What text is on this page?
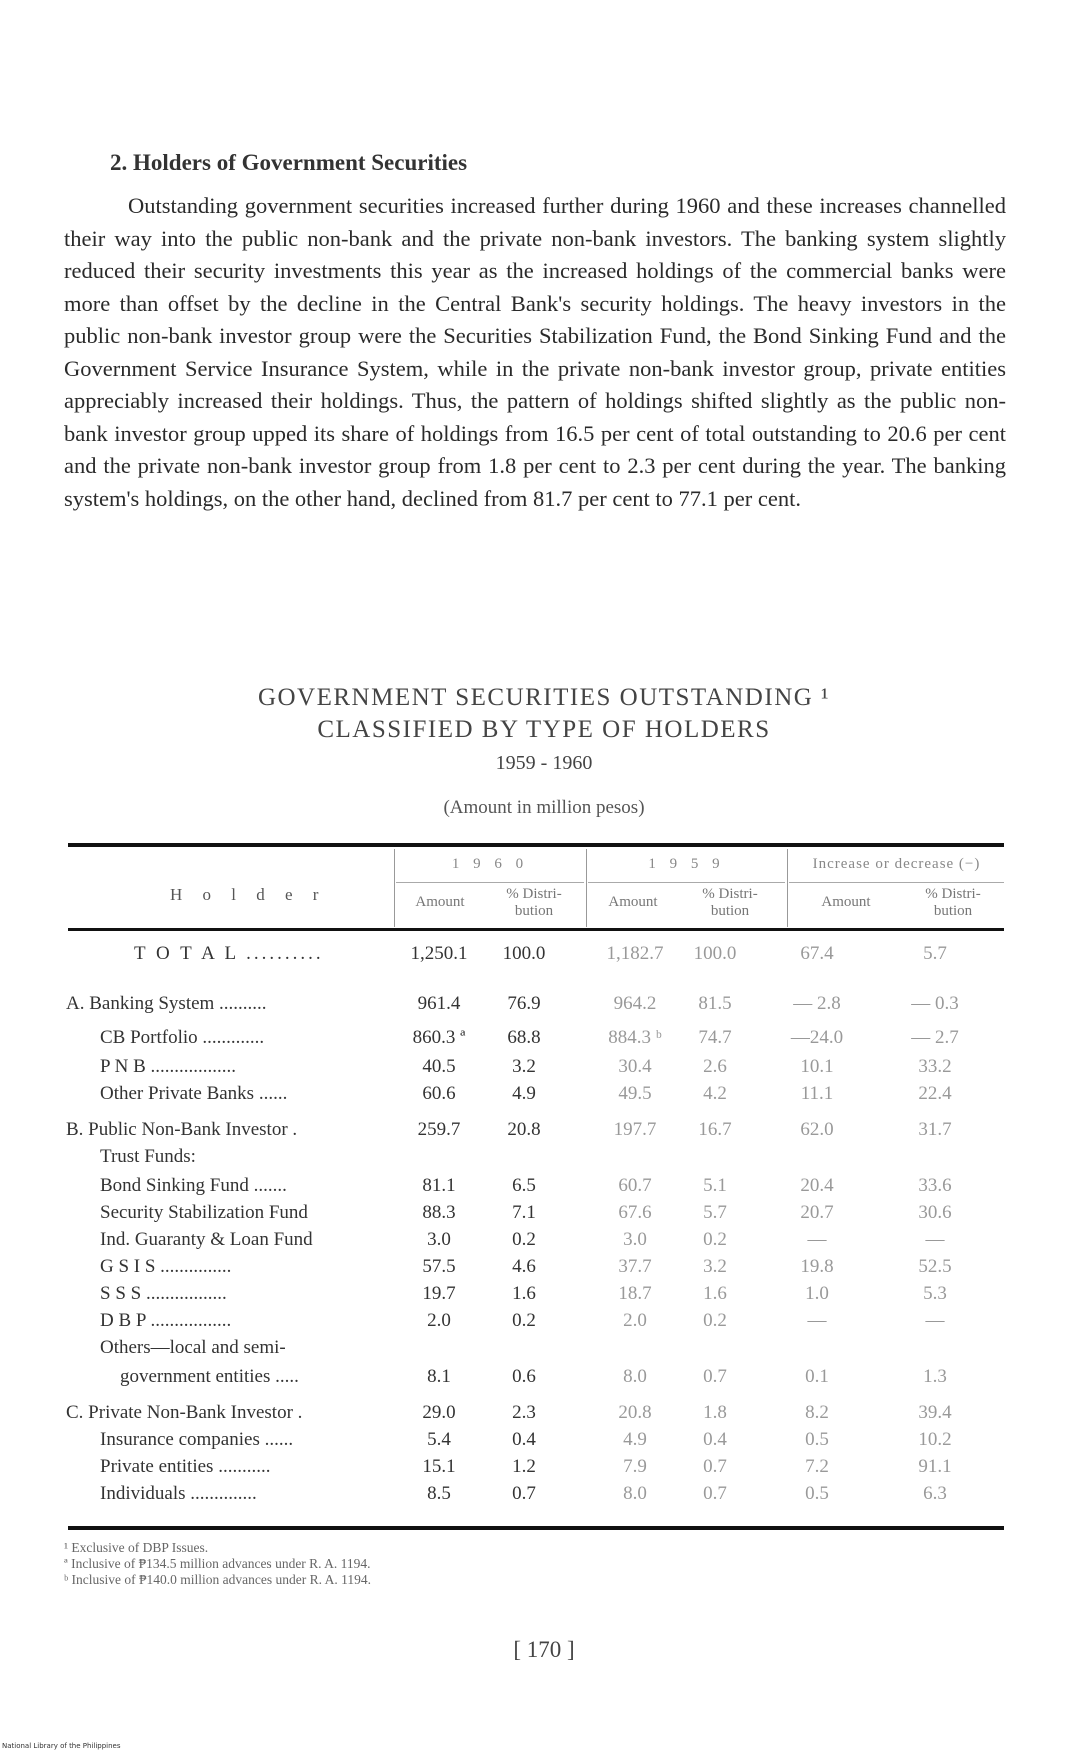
2. Holders of Government Securities
Outstanding government securities increased further during 1960 and these increases channelled their way into the public non-bank and the private non-bank investors. The banking system slightly reduced their security investments this year as the increased holdings of the commercial banks were more than offset by the decline in the Central Bank's security holdings. The heavy investors in the public non-bank investor group were the Securities Stabilization Fund, the Bond Sinking Fund and the Government Service Insurance System, while in the private non-bank investor group, private entities appreciably increased their holdings. Thus, the pattern of holdings shifted slightly as the public non-bank investor group upped its share of holdings from 16.5 per cent of total outstanding to 20.6 per cent and the private non-bank investor group from 1.8 per cent to 2.3 per cent during the year. The banking system's holdings, on the other hand, declined from 81.7 per cent to 77.1 per cent.
GOVERNMENT SECURITIES OUTSTANDING ¹
CLASSIFIED BY TYPE OF HOLDERS
1959 - 1960
(Amount in million pesos)
H o l d e r
1 9 6 0	1 9 5 9	Increase or decrease (−)
Amount	% Distri-
bution
Amount	% Distri-
bution
Amount	% Distri-
bution
T O T A L ..........	1,250.1	100.0	1,182.7	100.0	67.4	5.7
A. Banking System ..........	961.4	76.9	964.2	81.5	— 2.8	— 0.3
CB Portfolio .............	860.3 ª	68.8	884.3 ᵇ	74.7	—24.0	— 2.7
P N B ..................	40.5	3.2	30.4	2.6	10.1	33.2
Other Private Banks ......	60.6	4.9	49.5	4.2	11.1	22.4
B. Public Non-Bank Investor .	259.7	20.8	197.7	16.7	62.0	31.7
Trust Funds:
Bond Sinking Fund .......	81.1	6.5	60.7	5.1	20.4	33.6
Security Stabilization Fund	88.3	7.1	67.6	5.7	20.7	30.6
Ind. Guaranty & Loan Fund	3.0	0.2	3.0	0.2	—	—
G S I S ...............	57.5	4.6	37.7	3.2	19.8	52.5
S S S .................	19.7	1.6	18.7	1.6	1.0	5.3
D B P .................	2.0	0.2	2.0	0.2	—	—
Others—local and semi-
government entities .....	8.1	0.6	8.0	0.7	0.1	1.3
C. Private Non-Bank Investor .	29.0	2.3	20.8	1.8	8.2	39.4
Insurance companies ......	5.4	0.4	4.9	0.4	0.5	10.2
Private entities ...........	15.1	1.2	7.9	0.7	7.2	91.1
Individuals ..............	8.5	0.7	8.0	0.7	0.5	6.3
¹ Exclusive of DBP Issues.
ª Inclusive of ₱134.5 million advances under R. A. 1194.
ᵇ Inclusive of ₱140.0 million advances under R. A. 1194.
[ 170 ]
National Library of the Philippines
